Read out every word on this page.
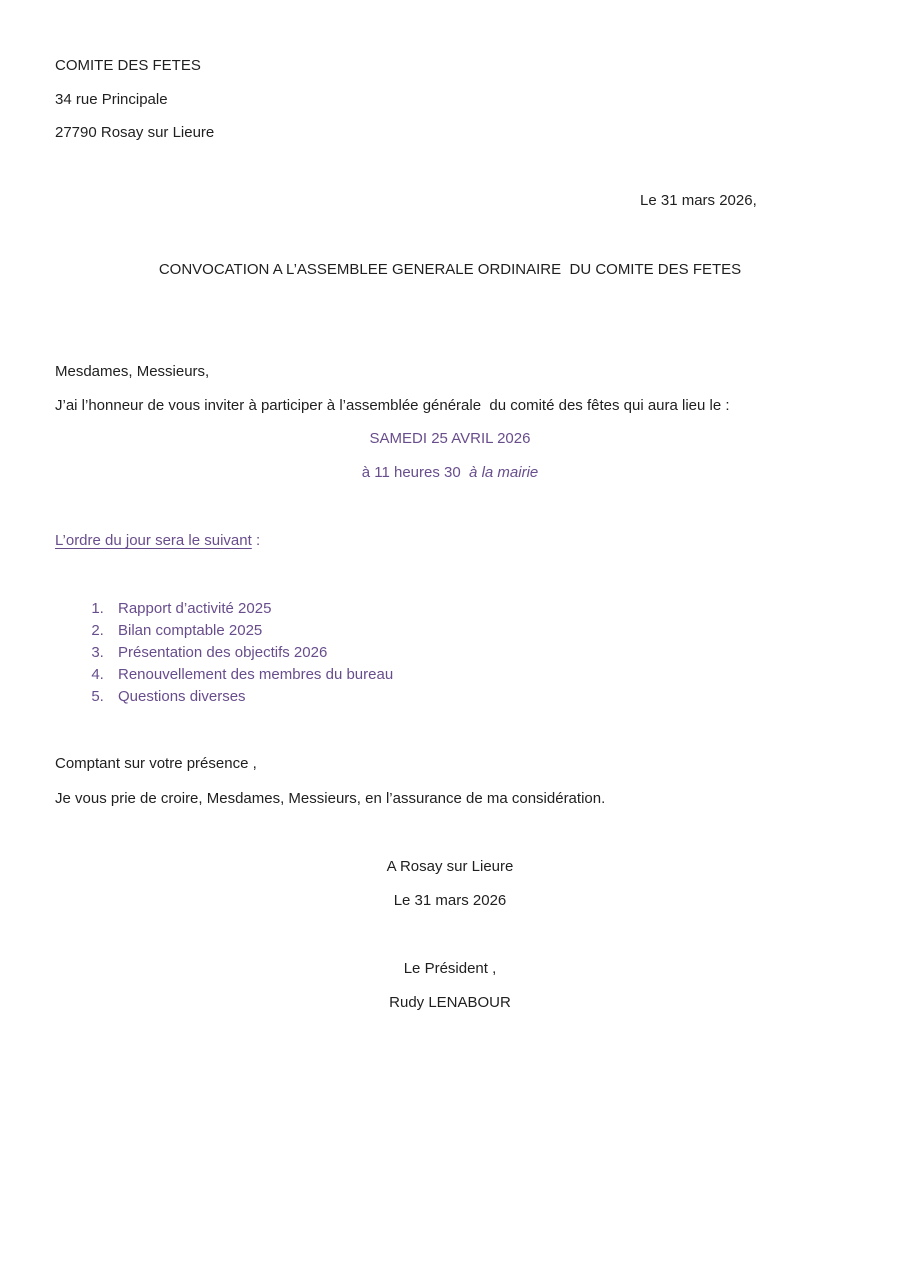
COMITE DES FETES
34 rue Principale
27790 Rosay sur Lieure
Le 31 mars 2026,
CONVOCATION A L’ASSEMBLEE GENERALE ORDINAIRE  DU COMITE DES FETES
Mesdames, Messieurs,
J’ai l’honneur de vous inviter à participer à l’assemblée générale  du comité des fêtes qui aura lieu le :
SAMEDI 25 AVRIL 2026
à 11 heures 30  à la mairie
L’ordre du jour sera le suivant :
1. Rapport d’activité 2025
2. Bilan comptable 2025
3. Présentation des objectifs 2026
4. Renouvellement des membres du bureau
5. Questions diverses
Comptant sur votre présence ,
Je vous prie de croire, Mesdames, Messieurs, en l’assurance de ma considération.
A Rosay sur Lieure
Le 31 mars 2026
Le Président ,
Rudy LENABOUR
